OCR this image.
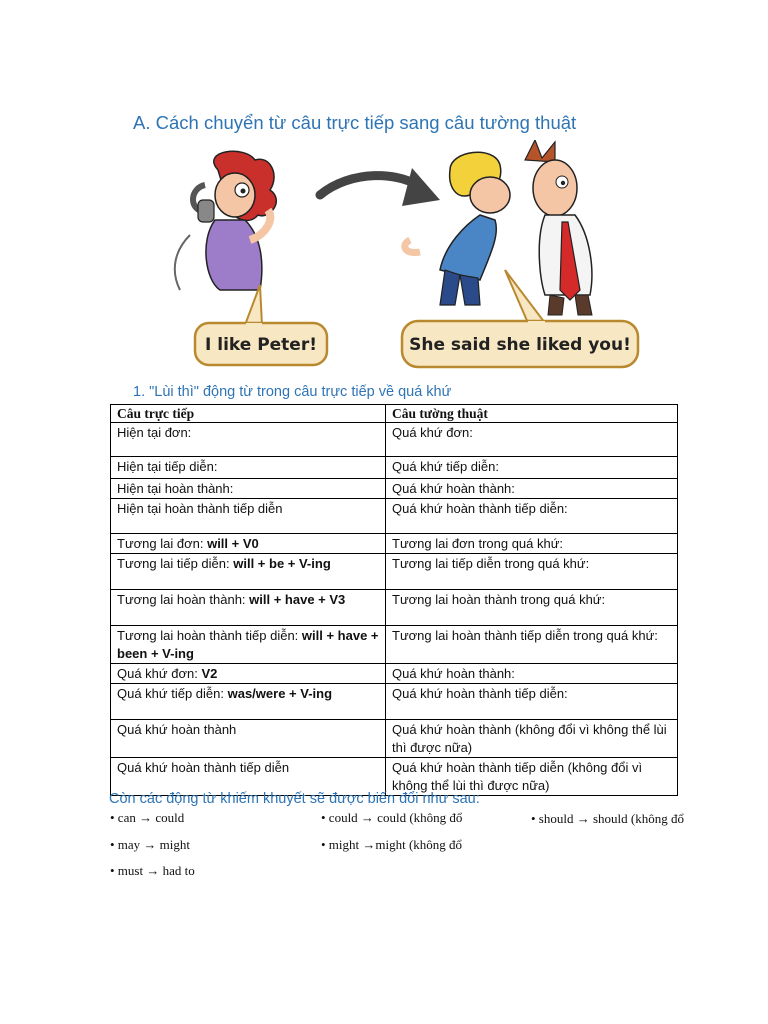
A. Cách chuyển từ câu trực tiếp sang câu tường thuật
I like Peter!	She said she liked you!
1. "Lùi thì" động từ trong câu trực tiếp về quá khứ
Câu trực tiếp	Câu tường thuật
Hiện tại đơn:	Quá khứ đơn:
Hiện tại tiếp diễn:	Quá khứ tiếp diễn:
Hiện tại hoàn thành:	Quá khứ hoàn thành:
Hiện tại hoàn thành tiếp diễn	Quá khứ hoàn thành tiếp diễn:
Tương lai đơn: will + V0	Tương lai đơn trong quá khứ:
Tương lai tiếp diễn: will + be + V-ing	Tương lai tiếp diễn trong quá khứ:
Tương lai hoàn thành: will + have + V3	Tương lai hoàn thành trong quá khứ:
Tương lai hoàn thành tiếp diễn: will + have + been + V-ing	Tương lai hoàn thành tiếp diễn trong quá khứ:
Quá khứ đơn: V2	Quá khứ hoàn thành:
Quá khứ tiếp diễn: was/were + V-ing	Quá khứ hoàn thành tiếp diễn:
Quá khứ hoàn thành	Quá khứ hoàn thành (không đổi vì không thể lùi thì được nữa)
Quá khứ hoàn thành tiếp diễn	Quá khứ hoàn thành tiếp diễn (không đổi vì không thể lùi thì được nữa)
Còn các động từ khiếm khuyết sẽ được biến đổi như sau:
• can → could	• could → could (không đổ	• should → should (không đổ
• may → might	• might →might (không đổ
• must → had to
